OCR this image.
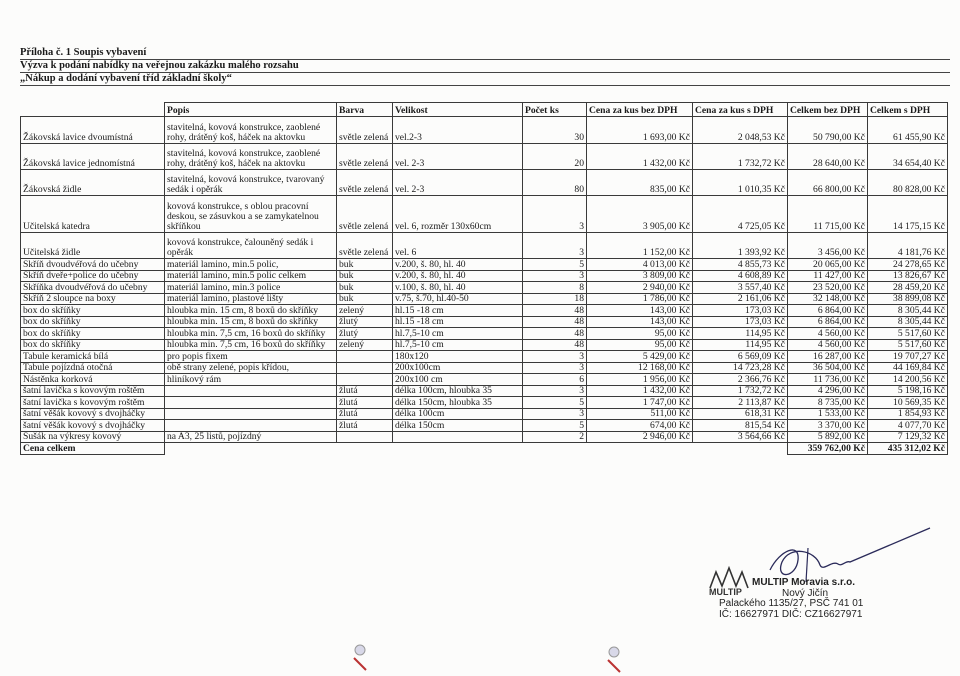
Příloha č. 1 Soupis vybavení
Výzva k podání nabídky na veřejnou zakázku malého rozsahu
„Nákup a dodání vybavení tříd základní školy“
	Popis	Barva	Velikost	Počet ks	Cena za kus bez DPH	Cena za kus s DPH	Celkem bez DPH	Celkem s DPH
Žákovská lavice dvoumístná	stavitelná, kovová konstrukce, zaoblené rohy, drátěný koš, háček na aktovku	světle zelená	vel.2-3	30	1 693,00 Kč	2 048,53 Kč	50 790,00 Kč	61 455,90 Kč
Žákovská lavice jednomístná	stavitelná, kovová konstrukce, zaoblené rohy, drátěný koš, háček na aktovku	světle zelená	vel. 2-3	20	1 432,00 Kč	1 732,72 Kč	28 640,00 Kč	34 654,40 Kč
Žákovská židle	stavitelná, kovová konstrukce, tvarovaný sedák i opěrák	světle zelená	vel. 2-3	80	835,00 Kč	1 010,35 Kč	66 800,00 Kč	80 828,00 Kč
Učitelská katedra	kovová konstrukce, s oblou pracovní deskou, se zásuvkou a se zamykatelnou skříňkou	světle zelená	vel. 6, rozměr 130x60cm	3	3 905,00 Kč	4 725,05 Kč	11 715,00 Kč	14 175,15 Kč
Učitelská židle	kovová konstrukce, čalouněný sedák i opěrák	světle zelená	vel. 6	3	1 152,00 Kč	1 393,92 Kč	3 456,00 Kč	4 181,76 Kč
Skříň dvoudvéřová do učebny	materiál lamino, min.5 polic,	buk	v.200, š. 80, hl. 40	5	4 013,00 Kč	4 855,73 Kč	20 065,00 Kč	24 278,65 Kč
Skříň dveře+police do učebny	materiál lamino, min.5 polic celkem	buk	v.200, š. 80, hl. 40	3	3 809,00 Kč	4 608,89 Kč	11 427,00 Kč	13 826,67 Kč
Skříňka dvoudvéřová do učebny	materiál lamino, min.3 police	buk	v.100, š. 80, hl. 40	8	2 940,00 Kč	3 557,40 Kč	23 520,00 Kč	28 459,20 Kč
Skříň 2 sloupce na boxy	materiál lamino, plastové lišty	buk	v.75, š.70, hl.40-50	18	1 786,00 Kč	2 161,06 Kč	32 148,00 Kč	38 899,08 Kč
box do skříňky	hloubka min. 15 cm, 8 boxů do skříňky	zelený	hl.15 -18 cm	48	143,00 Kč	173,03 Kč	6 864,00 Kč	8 305,44 Kč
box do skříňky	hloubka min. 15 cm, 8 boxů do skříňky	žlutý	hl.15 -18 cm	48	143,00 Kč	173,03 Kč	6 864,00 Kč	8 305,44 Kč
box do skříňky	hloubka min. 7,5 cm, 16 boxů do skříňky	žlutý	hl.7,5-10 cm	48	95,00 Kč	114,95 Kč	4 560,00 Kč	5 517,60 Kč
box do skříňky	hloubka min. 7,5 cm, 16 boxů do skříňky	zelený	hl.7,5-10 cm	48	95,00 Kč	114,95 Kč	4 560,00 Kč	5 517,60 Kč
Tabule keramická bílá	pro popis fixem		180x120	3	5 429,00 Kč	6 569,09 Kč	16 287,00 Kč	19 707,27 Kč
Tabule pojízdná otočná	obě strany zelené, popis křídou,		200x100cm	3	12 168,00 Kč	14 723,28 Kč	36 504,00 Kč	44 169,84 Kč
Nástěnka korková	hliníkový rám		200x100 cm	6	1 956,00 Kč	2 366,76 Kč	11 736,00 Kč	14 200,56 Kč
šatní lavička s kovovým roštěm		žlutá	délka 100cm, hloubka 35	3	1 432,00 Kč	1 732,72 Kč	4 296,00 Kč	5 198,16 Kč
šatní lavička s kovovým roštěm		žlutá	délka 150cm, hloubka 35	5	1 747,00 Kč	2 113,87 Kč	8 735,00 Kč	10 569,35 Kč
šatní věšák kovový s dvojháčky		žlutá	délka 100cm	3	511,00 Kč	618,31 Kč	1 533,00 Kč	1 854,93 Kč
šatní věšák kovový s dvojháčky		žlutá	délka 150cm	5	674,00 Kč	815,54 Kč	3 370,00 Kč	4 077,70 Kč
Sušák na výkresy kovový	na A3, 25 listů, pojízdný			2	2 946,00 Kč	3 564,66 Kč	5 892,00 Kč	7 129,32 Kč
Cena celkem							359 762,00 Kč	435 312,02 Kč
MULTIP
MULTIP Moravia s.r.o.
Nový Jičín
Palackého 1135/27, PSČ 741 01
IČ: 16627971 DIČ: CZ16627971
